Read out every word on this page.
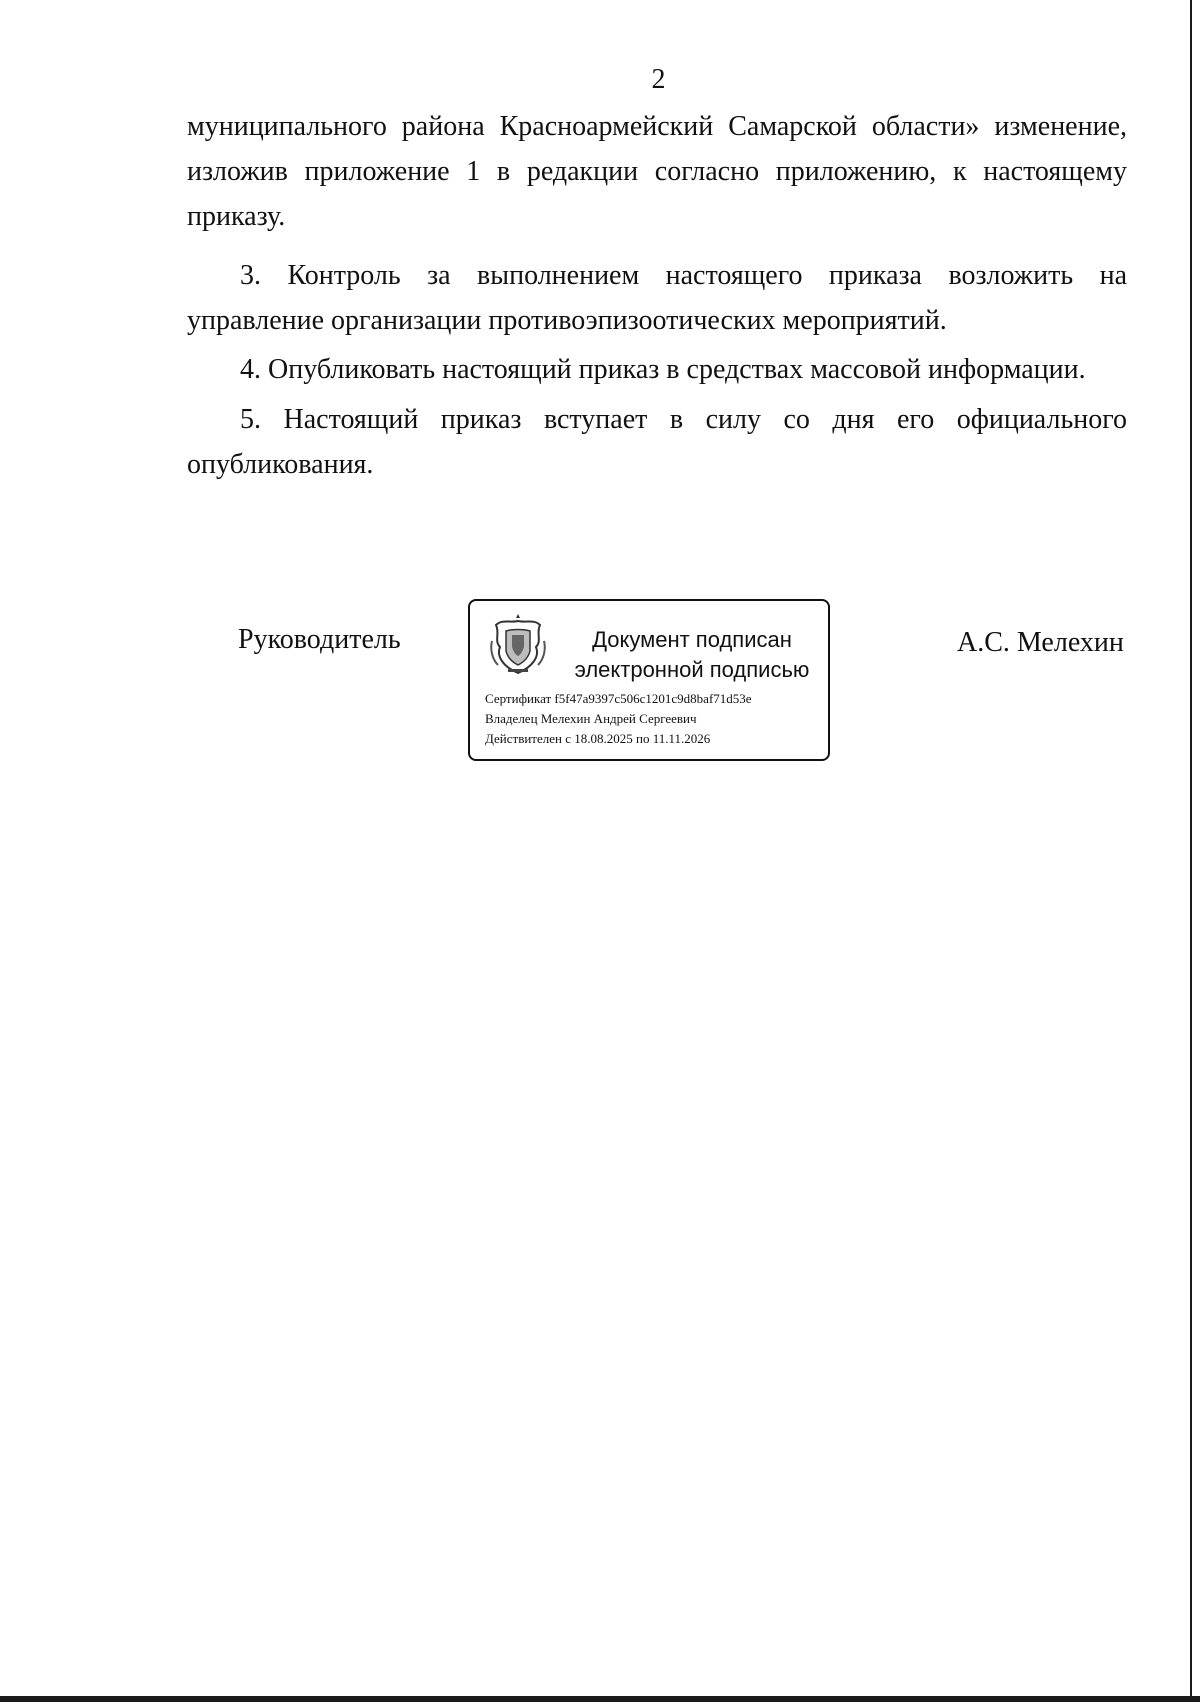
2

муниципального района Красноармейский Самарской области» изменение, изложив приложение 1 в редакции согласно приложению, к настоящему приказу.

3. Контроль за выполнением настоящего приказа возложить на управление организации противоэпизоотических мероприятий.

4. Опубликовать настоящий приказ в средствах массовой информации.

5. Настоящий приказ вступает в силу со дня его официального опубликования.

Руководитель	Документ подписан
электронной подписью
Сертификат f5f47a9397c506c1201c9d8baf71d53e
Владелец Мелехин Андрей Сергеевич
Действителен с 18.08.2025 по 11.11.2026
А.С. Мелехин
